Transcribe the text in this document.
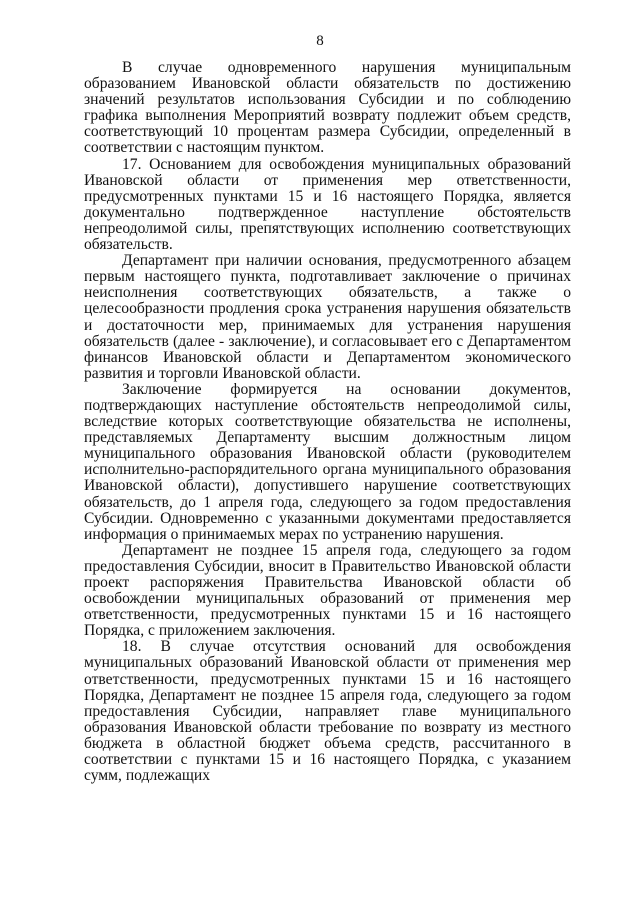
8

В случае одновременного нарушения муниципальным образованием Ивановской области обязательств по достижению значений результатов использования Субсидии и по соблюдению графика выполнения Мероприятий возврату подлежит объем средств, соответствующий 10 процентам размера Субсидии, определенный в соответствии с настоящим пунктом.

17. Основанием для освобождения муниципальных образований Ивановской области от применения мер ответственности, предусмотренных пунктами 15 и 16 настоящего Порядка, является документально подтвержденное наступление обстоятельств непреодолимой силы, препятствующих исполнению соответствующих обязательств.

Департамент при наличии основания, предусмотренного абзацем первым настоящего пункта, подготавливает заключение о причинах неисполнения соответствующих обязательств, а также о целесообразности продления срока устранения нарушения обязательств и достаточности мер, принимаемых для устранения нарушения обязательств (далее - заключение), и согласовывает его с Департаментом финансов Ивановской области и Департаментом экономического развития и торговли Ивановской области.

Заключение формируется на основании документов, подтверждающих наступление обстоятельств непреодолимой силы, вследствие которых соответствующие обязательства не исполнены, представляемых Департаменту высшим должностным лицом муниципального образования Ивановской области (руководителем исполнительно-распорядительного органа муниципального образования Ивановской области), допустившего нарушение соответствующих обязательств, до 1 апреля года, следующего за годом предоставления Субсидии. Одновременно с указанными документами предоставляется информация о принимаемых мерах по устранению нарушения.

Департамент не позднее 15 апреля года, следующего за годом предоставления Субсидии, вносит в Правительство Ивановской области проект распоряжения Правительства Ивановской области об освобождении муниципальных образований от применения мер ответственности, предусмотренных пунктами 15 и 16 настоящего Порядка, с приложением заключения.

18. В случае отсутствия оснований для освобождения муниципальных образований Ивановской области от применения мер ответственности, предусмотренных пунктами 15 и 16 настоящего Порядка, Департамент не позднее 15 апреля года, следующего за годом предоставления Субсидии, направляет главе муниципального образования Ивановской области требование по возврату из местного бюджета в областной бюджет объема средств, рассчитанного в соответствии с пунктами 15 и 16 настоящего Порядка, с указанием сумм, подлежащих
